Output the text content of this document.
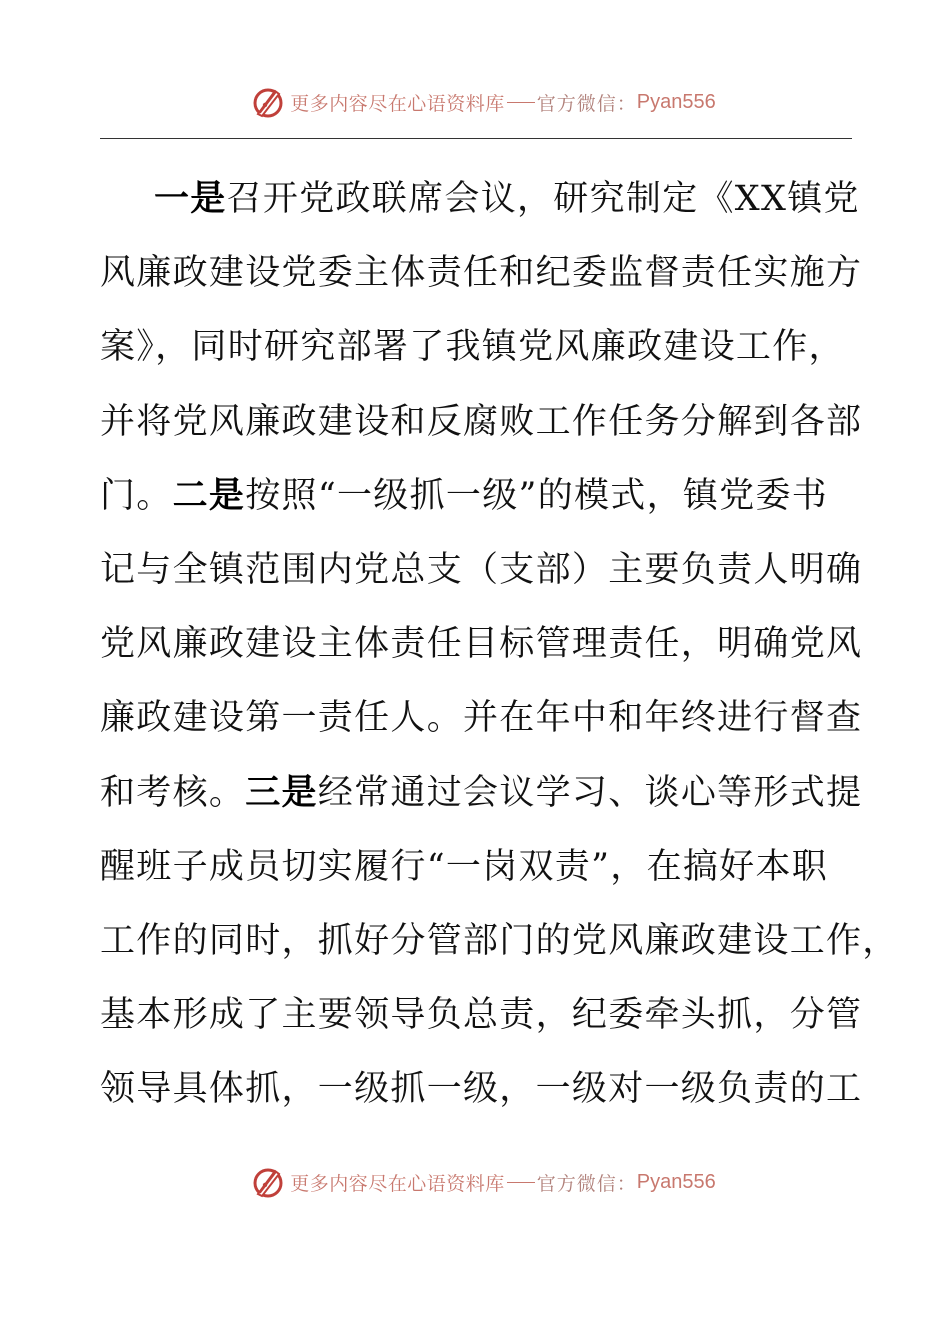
更多内容尽在心语资料库 官方微信： Pyan556
一是召开党政联席会议，研究制定《XX镇党
风廉政建设党委主体责任和纪委监督责任实施方
案》，同时研究部署了我镇党风廉政建设工作，
并将党风廉政建设和反腐败工作任务分解到各部
门。二是按照“一级抓一级”的模式，镇党委书
记与全镇范围内党总支（支部）主要负责人明确
党风廉政建设主体责任目标管理责任，明确党风
廉政建设第一责任人。并在年中和年终进行督查
和考核。三是经常通过会议学习、谈心等形式提
醒班子成员切实履行“一岗双责”，在搞好本职
工作的同时，抓好分管部门的党风廉政建设工作，
基本形成了主要领导负总责，纪委牵头抓，分管
领导具体抓，一级抓一级，一级对一级负责的工
更多内容尽在心语资料库 官方微信： Pyan556
